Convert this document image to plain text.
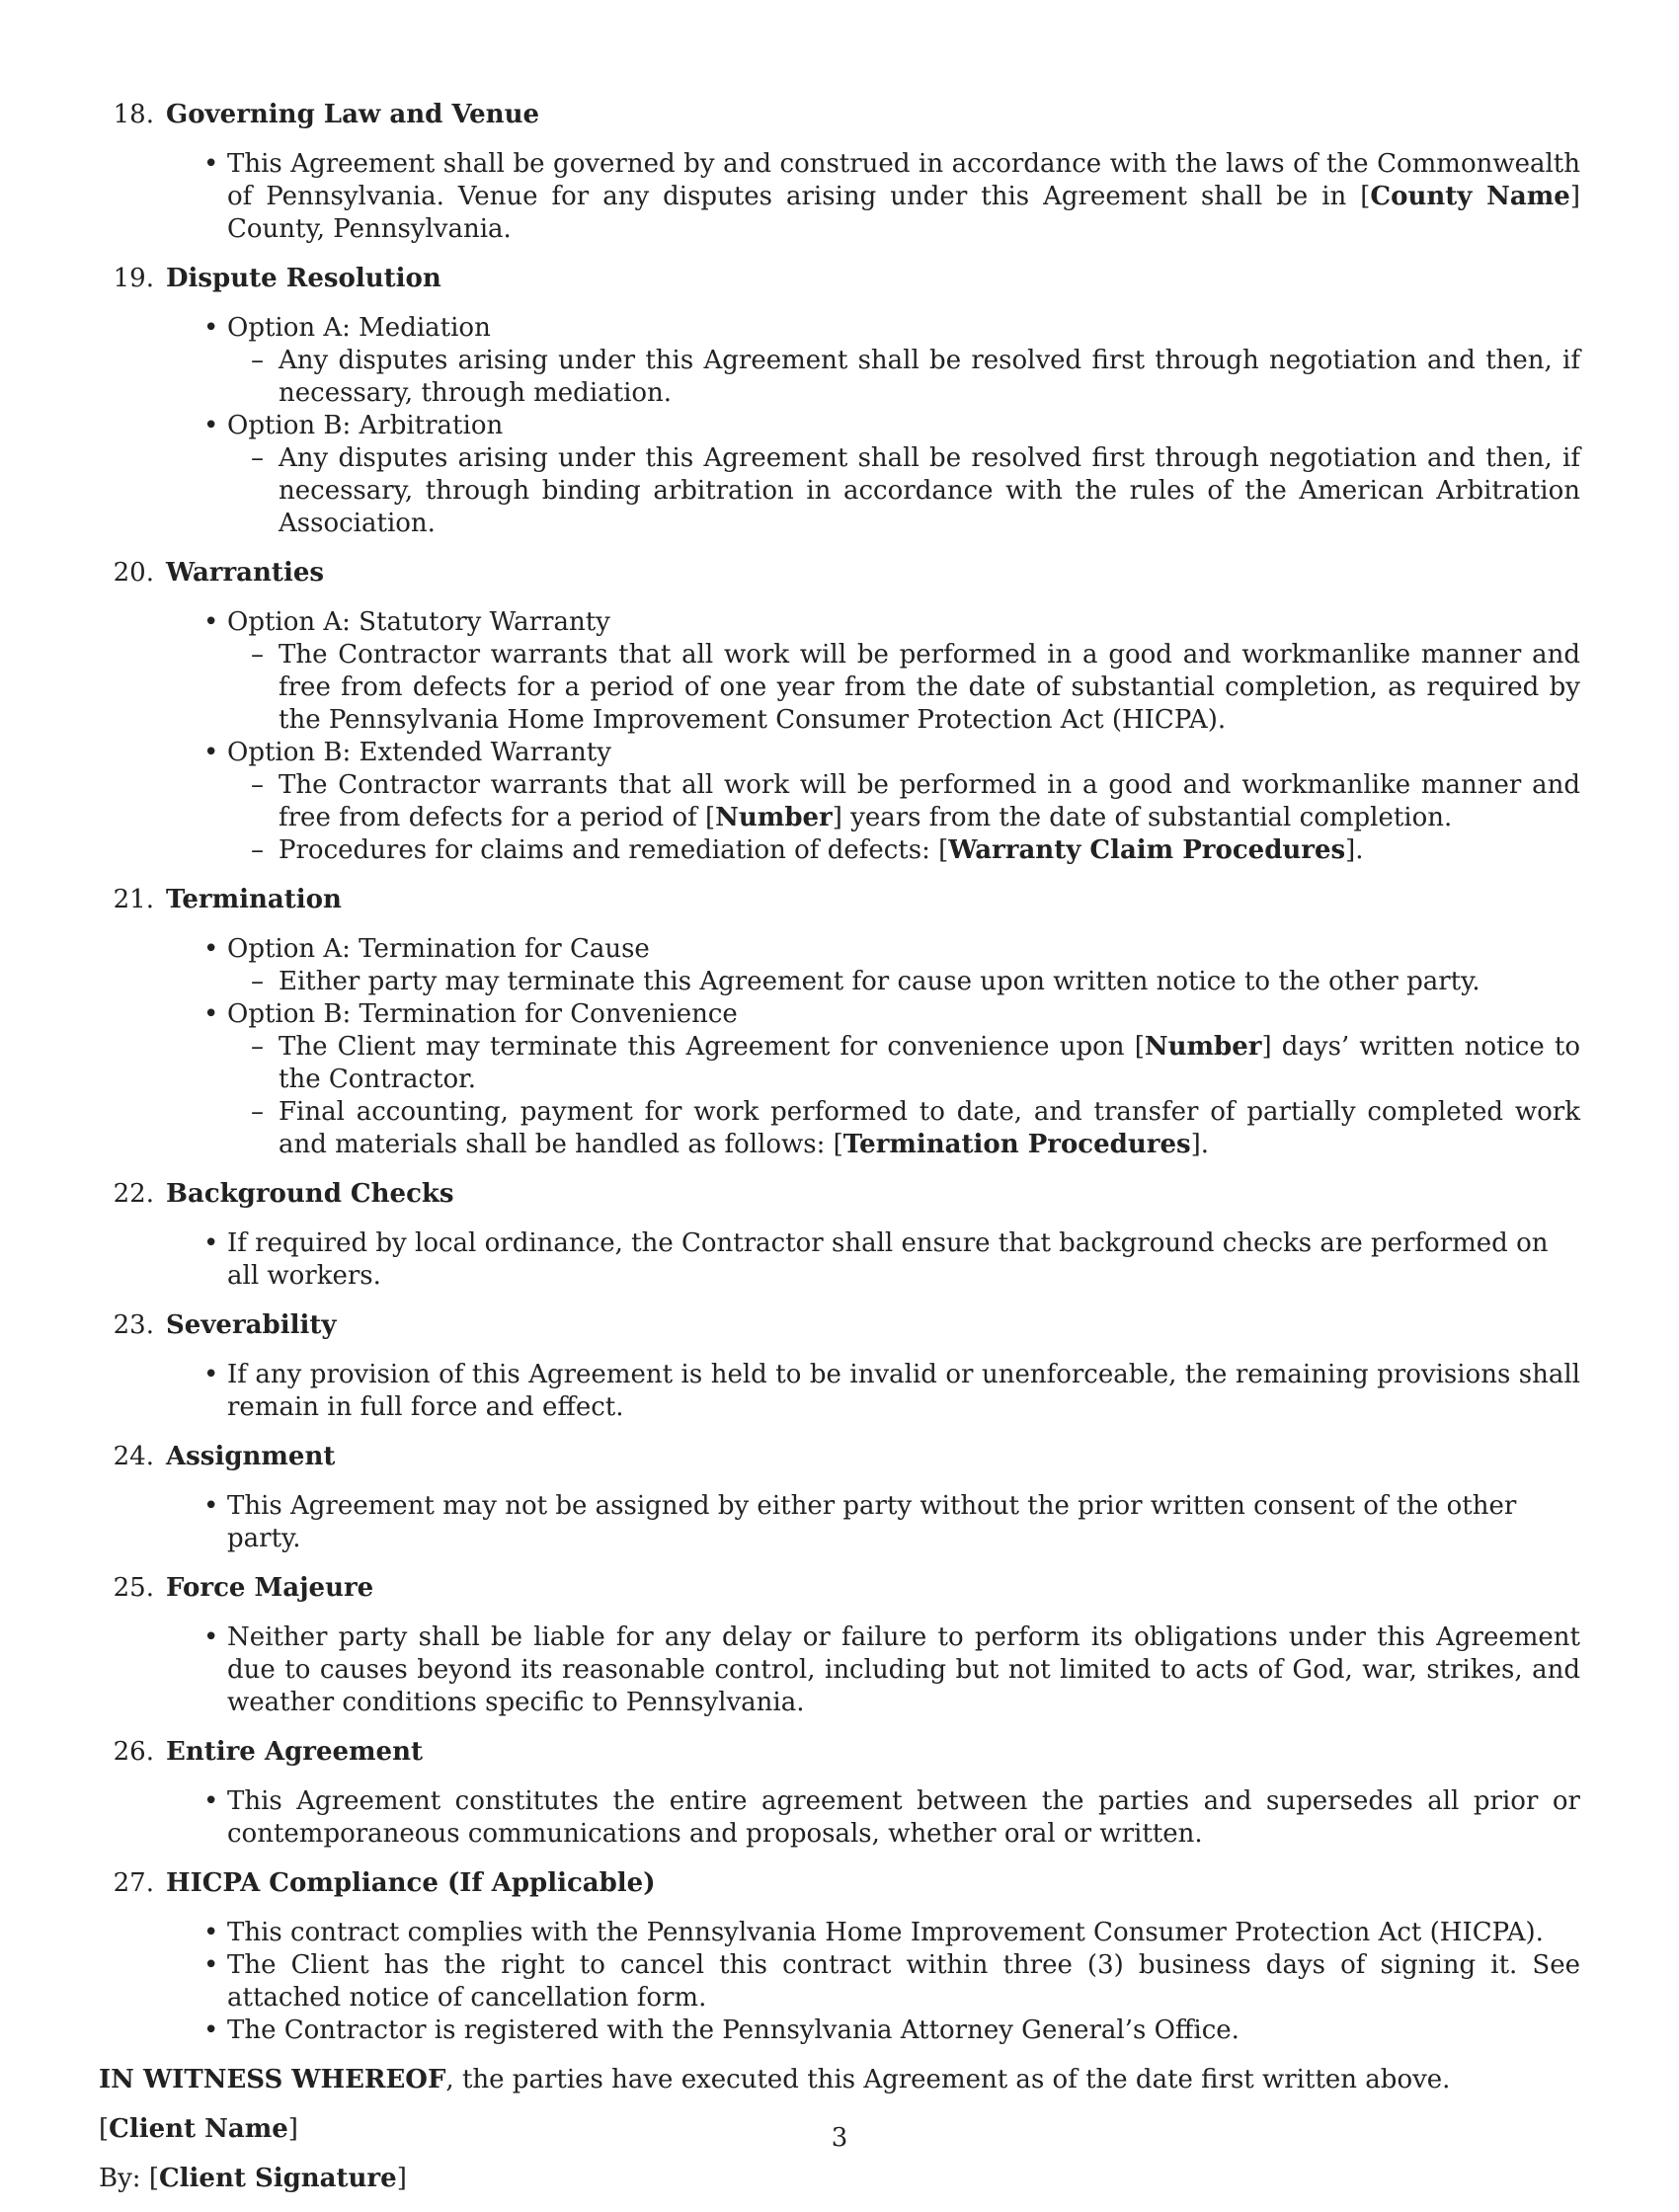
18. Governing Law and Venue
• This Agreement shall be governed by and construed in accordance with the laws of the Commonwealth of Pennsylvania. Venue for any disputes arising under this Agreement shall be in [County Name] County, Pennsylvania.
19. Dispute Resolution
• Option A: Mediation
– Any disputes arising under this Agreement shall be resolved first through negotiation and then, if necessary, through mediation.
• Option B: Arbitration
– Any disputes arising under this Agreement shall be resolved first through negotiation and then, if necessary, through binding arbitration in accordance with the rules of the American Arbitration Association.
20. Warranties
• Option A: Statutory Warranty
– The Contractor warrants that all work will be performed in a good and workmanlike manner and free from defects for a period of one year from the date of substantial completion, as required by the Pennsylvania Home Improvement Consumer Protection Act (HICPA).
• Option B: Extended Warranty
– The Contractor warrants that all work will be performed in a good and workmanlike manner and free from defects for a period of [Number] years from the date of substantial completion.
– Procedures for claims and remediation of defects: [Warranty Claim Procedures].
21. Termination
• Option A: Termination for Cause
– Either party may terminate this Agreement for cause upon written notice to the other party.
• Option B: Termination for Convenience
– The Client may terminate this Agreement for convenience upon [Number] days’ written notice to the Contractor.
– Final accounting, payment for work performed to date, and transfer of partially completed work and materials shall be handled as follows: [Termination Procedures].
22. Background Checks
• If required by local ordinance, the Contractor shall ensure that background checks are performed on all workers.
23. Severability
• If any provision of this Agreement is held to be invalid or unenforceable, the remaining provisions shall remain in full force and effect.
24. Assignment
• This Agreement may not be assigned by either party without the prior written consent of the other party.
25. Force Majeure
• Neither party shall be liable for any delay or failure to perform its obligations under this Agreement due to causes beyond its reasonable control, including but not limited to acts of God, war, strikes, and weather conditions specific to Pennsylvania.
26. Entire Agreement
• This Agreement constitutes the entire agreement between the parties and supersedes all prior or contemporaneous communications and proposals, whether oral or written.
27. HICPA Compliance (If Applicable)
• This contract complies with the Pennsylvania Home Improvement Consumer Protection Act (HICPA).
• The Client has the right to cancel this contract within three (3) business days of signing it. See attached notice of cancellation form.
• The Contractor is registered with the Pennsylvania Attorney General’s Office.

IN WITNESS WHEREOF, the parties have executed this Agreement as of the date first written above.

[Client Name]

By: [Client Signature]

3
